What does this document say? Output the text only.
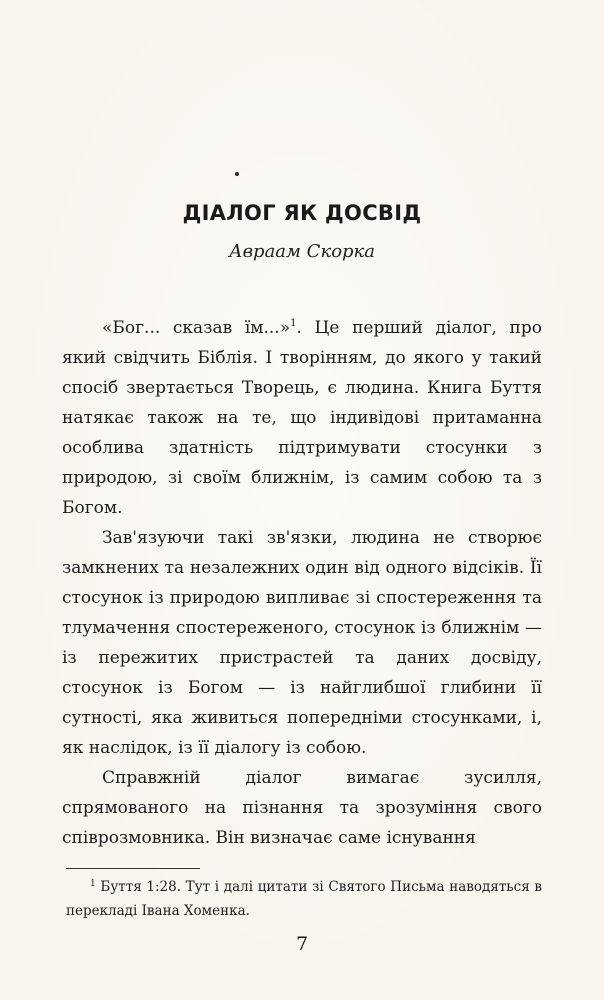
ДІАЛОГ ЯК ДОСВІД
Авраам Скорка

«Бог... сказав їм...»$^1$. Це перший діалог, про який свідчить Біблія. І творінням, до якого у такий спосіб звертається Творець, є людина. Книга Буття натякає також на те, що індивідові притаманна особлива здатність підтримувати стосунки з природою, зі своїм ближнім, із самим собою та з Богом.

Зав'язуючи такі зв'язки, людина не створює замкнених та незалежних один від одного відсіків. Її стосунок із природою випливає зі спостереження та тлумачення спостереженого, стосунок із ближнім — із пережитих пристрастей та даних досвіду, стосунок із Богом — із найглибшої глибини її сутності, яка живиться попередніми стосунками, і, як наслідок, із її діалогу із собою.

Справжній діалог вимагає зусилля, спрямованого на пізнання та зрозуміння свого співрозмовника. Він визначає саме існування

$^1$ Буття 1:28. Тут і далі цитати зі Святого Письма наводяться в перекладі Івана Хоменка.

7
